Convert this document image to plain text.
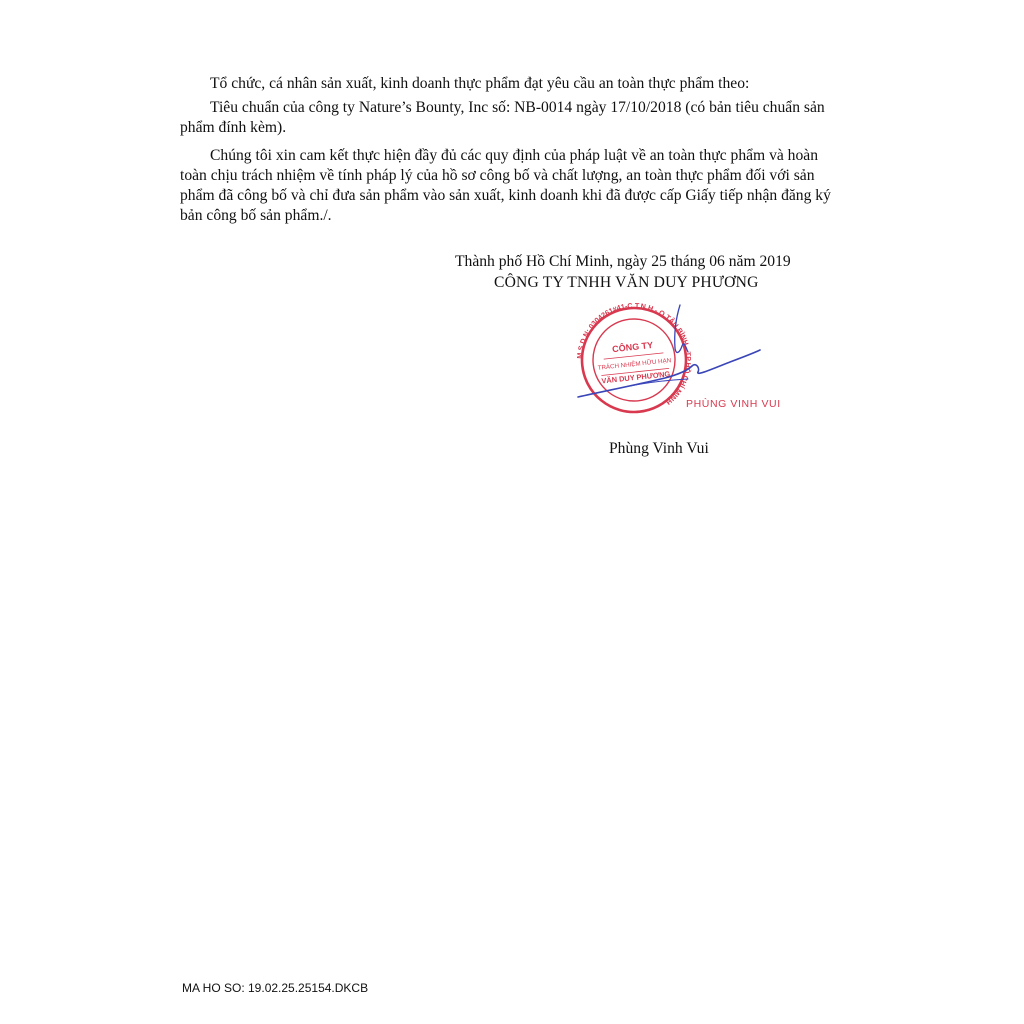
Tổ chức, cá nhân sản xuất, kinh doanh thực phẩm đạt yêu cầu an toàn thực phẩm theo:

Tiêu chuẩn của công ty Nature’s Bounty, Inc số: NB-0014 ngày 17/10/2018 (có bản tiêu chuẩn sản phẩm đính kèm).

Chúng tôi xin cam kết thực hiện đầy đủ các quy định của pháp luật về an toàn thực phẩm và hoàn toàn chịu trách nhiệm về tính pháp lý của hồ sơ công bố và chất lượng, an toàn thực phẩm đối với sản phẩm đã công bố và chỉ đưa sản phẩm vào sản xuất, kinh doanh khi đã được cấp Giấy tiếp nhận đăng ký bản công bố sản phẩm./.

Thành phố Hồ Chí Minh, ngày 25 tháng 06 năm 2019
CÔNG TY TNHH VĂN DUY PHƯƠNG
M.S.D.N: 0304261#41-C.T.N.H - Q.TÂN BÌNH - TP.HỒ CHÍ MINH
CÔNG TY
TRÁCH NHIỆM HỮU HẠN
VĂN DUY PHƯƠNG
PHÙNG VINH VUI
Phùng Vinh Vui
MA HO SO: 19.02.25.25154.DKCB
